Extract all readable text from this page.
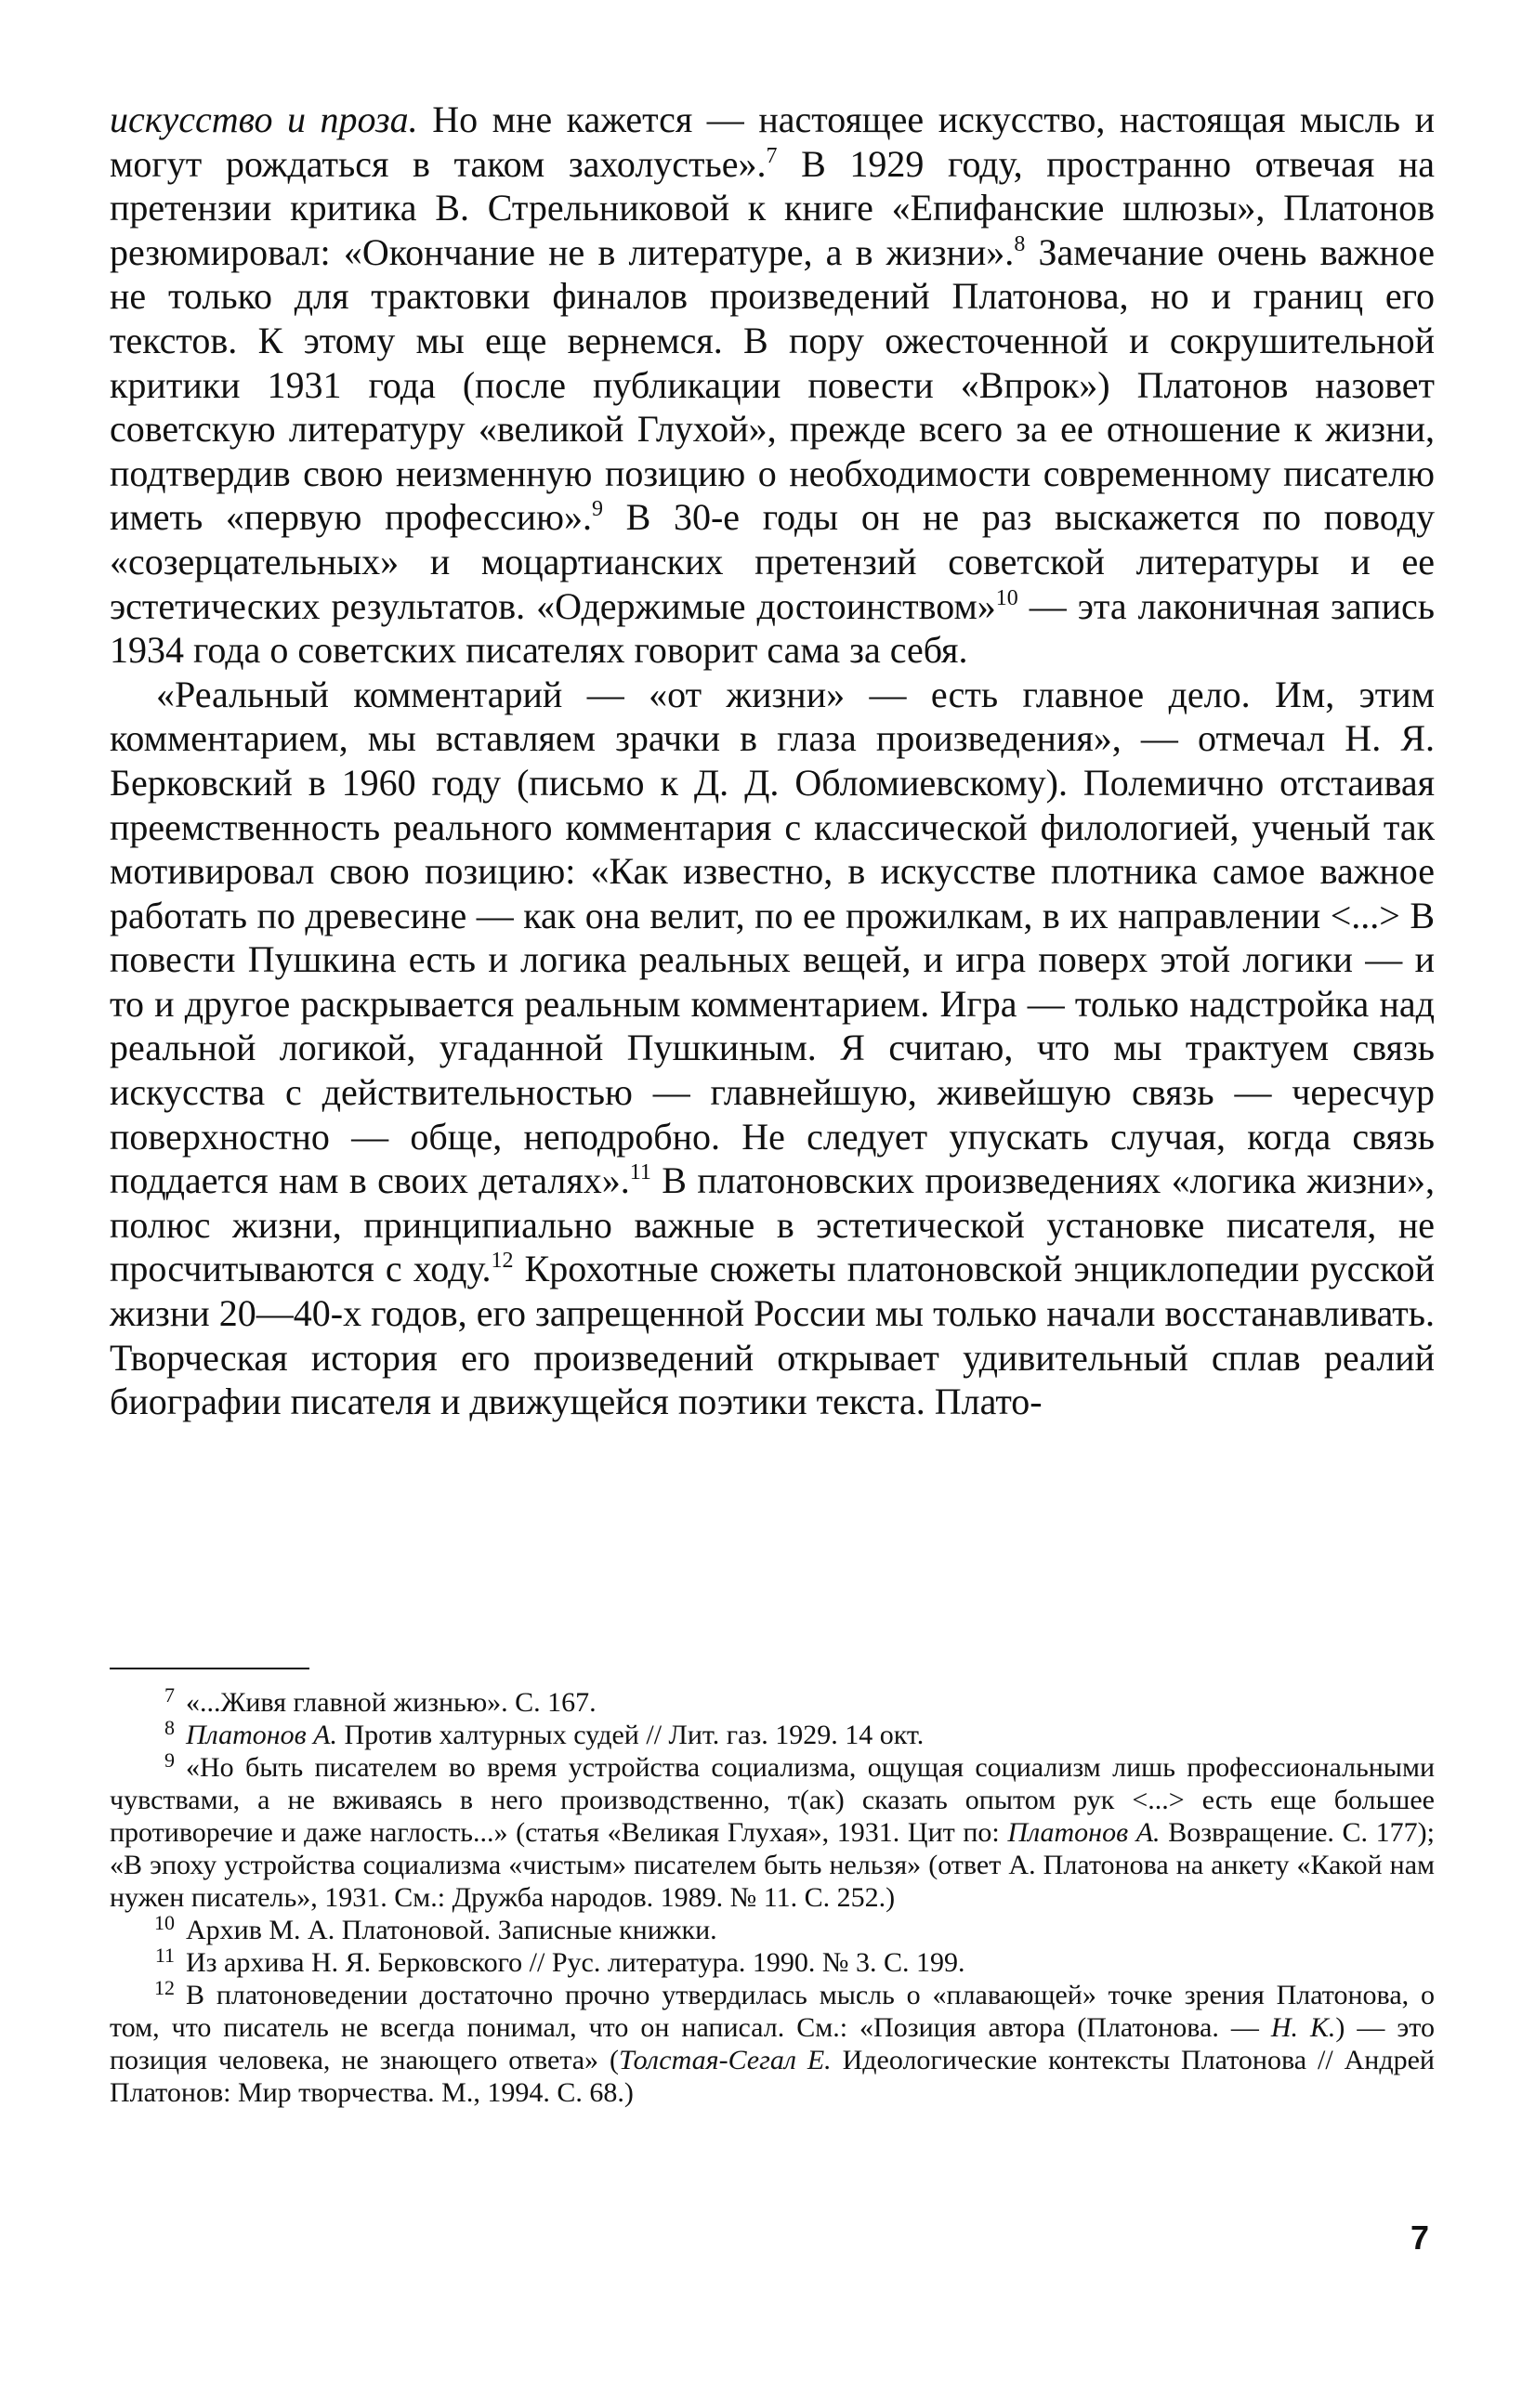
искусство и проза. Но мне кажется — настоящее искусство, настоящая мысль и могут рождаться в таком захолустье».$^7$ В 1929 году, пространно отвечая на претензии критика В. Стрельниковой к книге «Епифанские шлюзы», Платонов резюмировал: «Окончание не в литературе, а в жизни».$^8$ Замечание очень важное не только для трактовки финалов произведений Платонова, но и границ его текстов. К этому мы еще вернемся. В пору ожесточенной и сокрушительной критики 1931 года (после публикации повести «Впрок») Платонов назовет советскую литературу «великой Глухой», прежде всего за ее отношение к жизни, подтвердив свою неизменную позицию о необходимости современному писателю иметь «первую профессию».$^9$ В 30-е годы он не раз выскажется по поводу «созерцательных» и моцартианских претензий советской литературы и ее эстетических результатов. «Одержимые достоинством»$^{10}$ — эта лаконичная запись 1934 года о советских писателях говорит сама за себя.

«Реальный комментарий — «от жизни» — есть главное дело. Им, этим комментарием, мы вставляем зрачки в глаза произведения», — отмечал Н. Я. Берковский в 1960 году (письмо к Д. Д. Обломиевскому). Полемично отстаивая преемственность реального комментария с классической филологией, ученый так мотивировал свою позицию: «Как известно, в искусстве плотника самое важное работать по древесине — как она велит, по ее прожилкам, в их направлении <...> В повести Пушкина есть и логика реальных вещей, и игра поверх этой логики — и то и другое раскрывается реальным комментарием. Игра — только надстройка над реальной логикой, угаданной Пушкиным. Я считаю, что мы трактуем связь искусства с действительностью — главнейшую, живейшую связь — чересчур поверхностно — обще, неподробно. Не следует упускать случая, когда связь поддается нам в своих деталях».$^{11}$ В платоновских произведениях «логика жизни», полюс жизни, принципиально важные в эстетической установке писателя, не просчитываются с ходу.$^{12}$ Крохотные сюжеты платоновской энциклопедии русской жизни 20—40-х годов, его запрещенной России мы только начали восстанавливать. Творческая история его произведений открывает удивительный сплав реалий биографии писателя и движущейся поэтики текста. Плато-

$^7$ «...Живя главной жизнью». С. 167.

$^8$ Платонов А. Против халтурных судей // Лит. газ. 1929. 14 окт.

$^9$ «Но быть писателем во время устройства социализма, ощущая социализм лишь профессиональными чувствами, а не вживаясь в него производственно, т(ак) сказать опытом рук <...> есть еще большее противоречие и даже наглость...» (статья «Великая Глухая», 1931. Цит по: Платонов А. Возвращение. С. 177); «В эпоху устройства социализма «чистым» писателем быть нельзя» (ответ А. Платонова на анкету «Какой нам нужен писатель», 1931. См.: Дружба народов. 1989. № 11. С. 252.)

$^{10}$ Архив М. А. Платоновой. Записные книжки.

$^{11}$ Из архива Н. Я. Берковского // Рус. литература. 1990. № 3. С. 199.

$^{12}$ В платоноведении достаточно прочно утвердилась мысль о «плавающей» точке зрения Платонова, о том, что писатель не всегда понимал, что он написал. См.: «Позиция автора (Платонова. — Н. К.) — это позиция человека, не знающего ответа» (Толстая-Сегал Е. Идеологические контексты Платонова // Андрей Платонов: Мир творчества. М., 1994. С. 68.)

7
